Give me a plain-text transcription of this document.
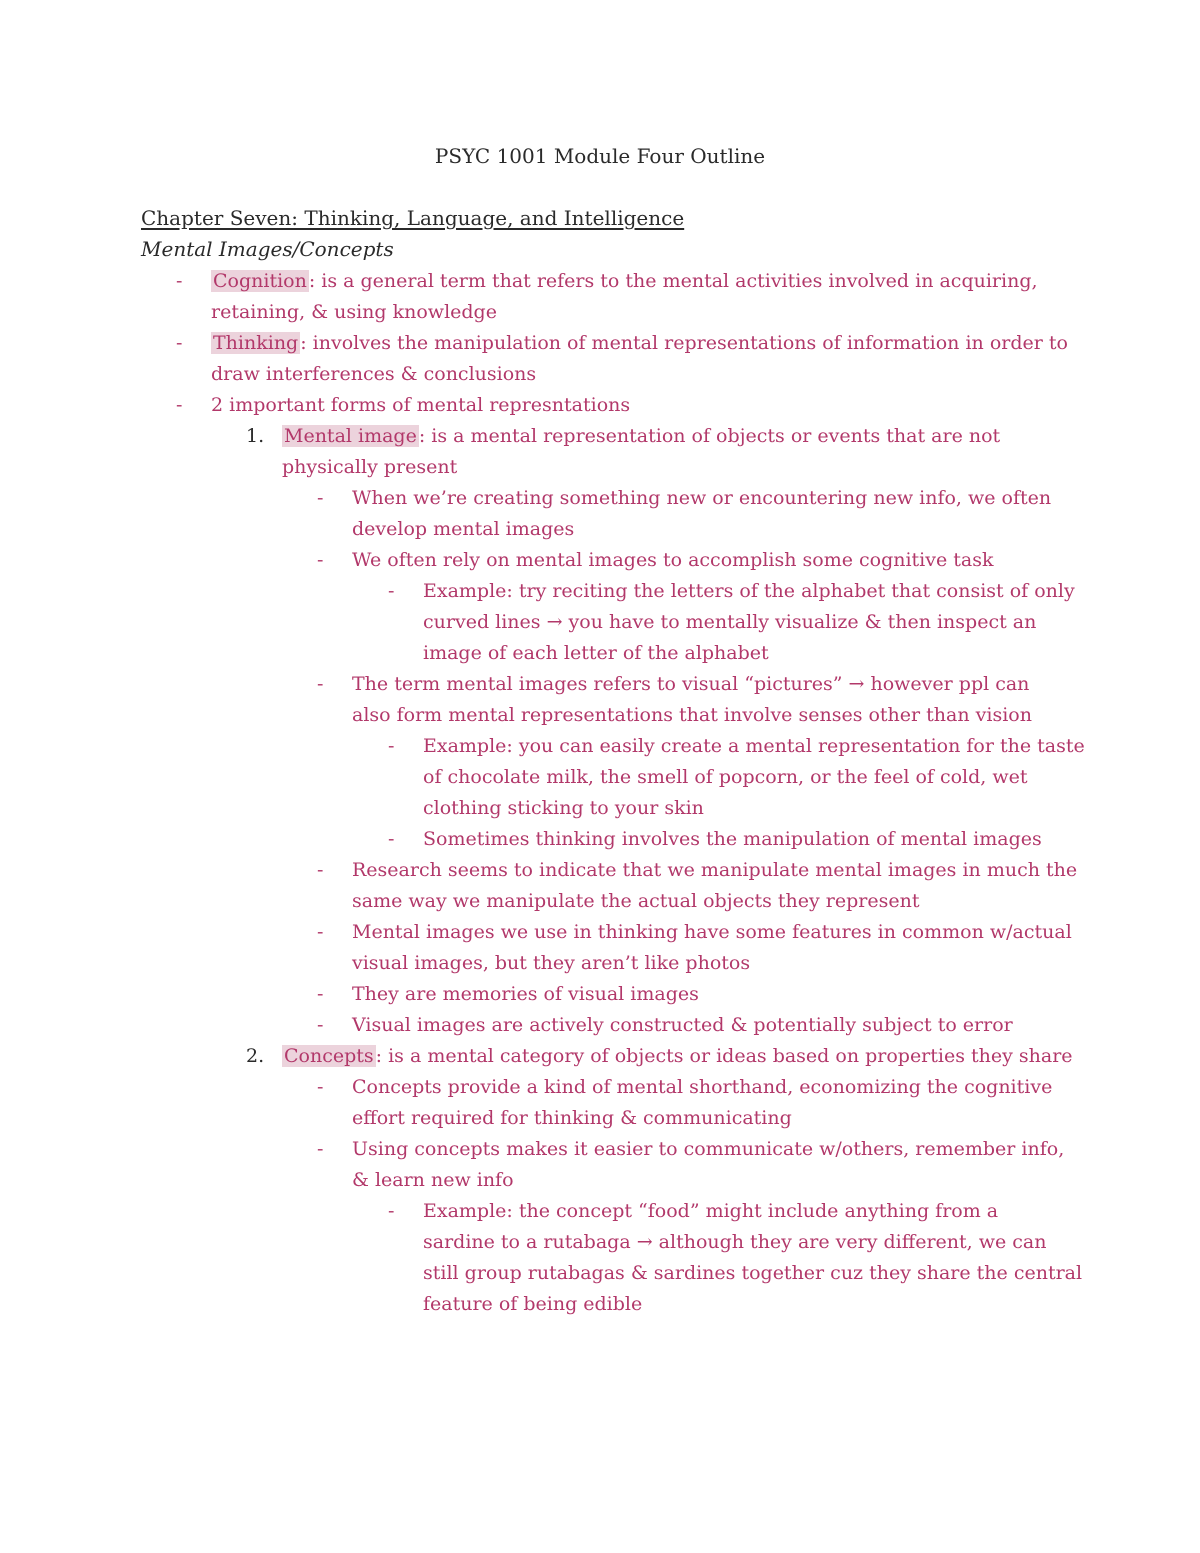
PSYC 1001 Module Four Outline
Chapter Seven: Thinking, Language, and Intelligence
Mental Images/Concepts
- Cognition : is a general term that refers to the mental activities involved in acquiring,
retaining, & using knowledge
- Thinking : involves the manipulation of mental representations of information in order to
draw interferences & conclusions
- 2 important forms of mental represntations
1. Mental image : is a mental representation of objects or events that are not
physically present
- When we’re creating something new or encountering new info, we often
develop mental images
- We often rely on mental images to accomplish some cognitive task
- Example: try reciting the letters of the alphabet that consist of only
curved lines → you have to mentally visualize & then inspect an
image of each letter of the alphabet
- The term mental images refers to visual “pictures” → however ppl can
also form mental representations that involve senses other than vision
- Example: you can easily create a mental representation for the taste
of chocolate milk, the smell of popcorn, or the feel of cold, wet
clothing sticking to your skin
- Sometimes thinking involves the manipulation of mental images
- Research seems to indicate that we manipulate mental images in much the
same way we manipulate the actual objects they represent
- Mental images we use in thinking have some features in common w/actual
visual images, but they aren’t like photos
- They are memories of visual images
- Visual images are actively constructed & potentially subject to error
2. Concepts : is a mental category of objects or ideas based on properties they share
- Concepts provide a kind of mental shorthand, economizing the cognitive
effort required for thinking & communicating
- Using concepts makes it easier to communicate w/others, remember info,
& learn new info
- Example: the concept “food” might include anything from a
sardine to a rutabaga → although they are very different, we can
still group rutabagas & sardines together cuz they share the central
feature of being edible
